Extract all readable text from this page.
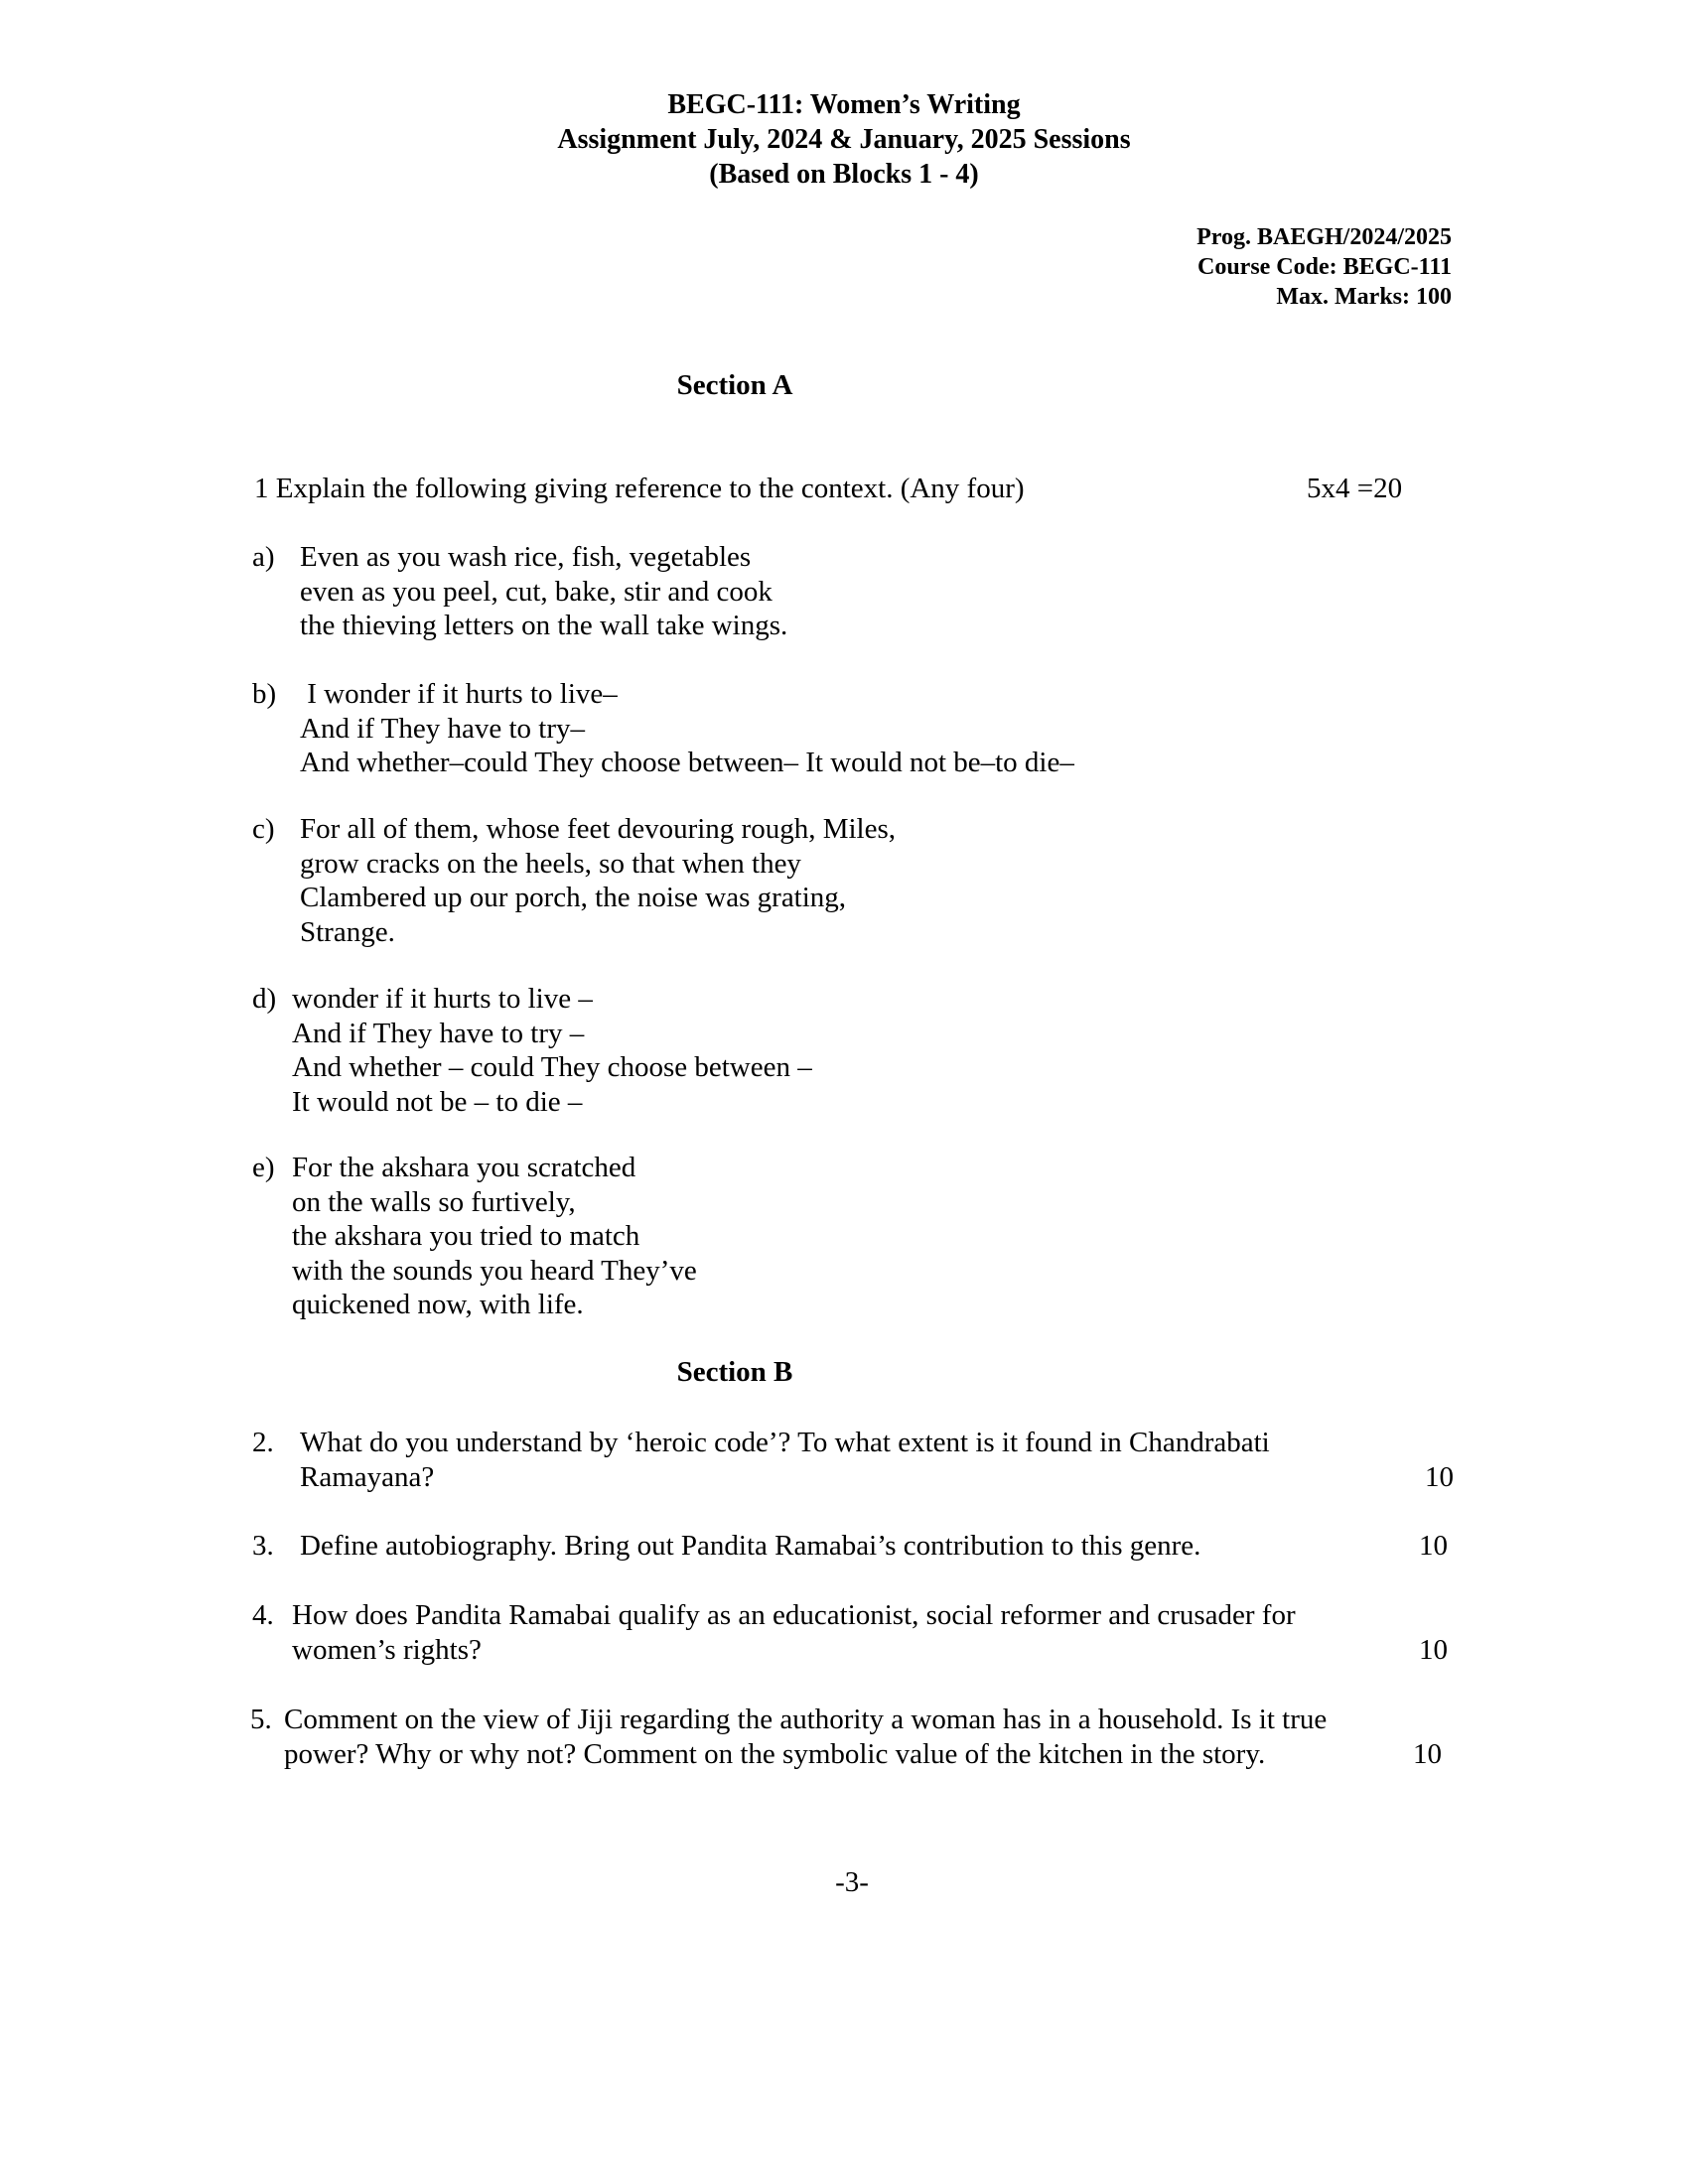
BEGC-111: Women’s Writing
Assignment July, 2024 & January, 2025 Sessions
(Based on Blocks 1 - 4)
Prog. BAEGH/2024/2025
Course Code: BEGC-111
Max. Marks: 100
Section A
1 Explain the following giving reference to the context. (Any four)	5x4 =20
a) Even as you wash rice, fish, vegetables
even as you peel, cut, bake, stir and cook
the thieving letters on the wall take wings.
b) I wonder if it hurts to live–
And if They have to try–
And whether–could They choose between– It would not be–to die–
c) For all of them, whose feet devouring rough, Miles,
grow cracks on the heels, so that when they
Clambered up our porch, the noise was grating,
Strange.
d) wonder if it hurts to live –
And if They have to try –
And whether – could They choose between –
It would not be – to die –
e) For the akshara you scratched
on the walls so furtively,
the akshara you tried to match
with the sounds you heard They’ve
quickened now, with life.
Section B
2. What do you understand by ‘heroic code’? To what extent is it found in Chandrabati
Ramayana?	10
3. Define autobiography. Bring out Pandita Ramabai’s contribution to this genre.	10
4. How does Pandita Ramabai qualify as an educationist, social reformer and crusader for
women’s rights?	10
5. Comment on the view of Jiji regarding the authority a woman has in a household. Is it true
power? Why or why not? Comment on the symbolic value of the kitchen in the story.	10
-3-
